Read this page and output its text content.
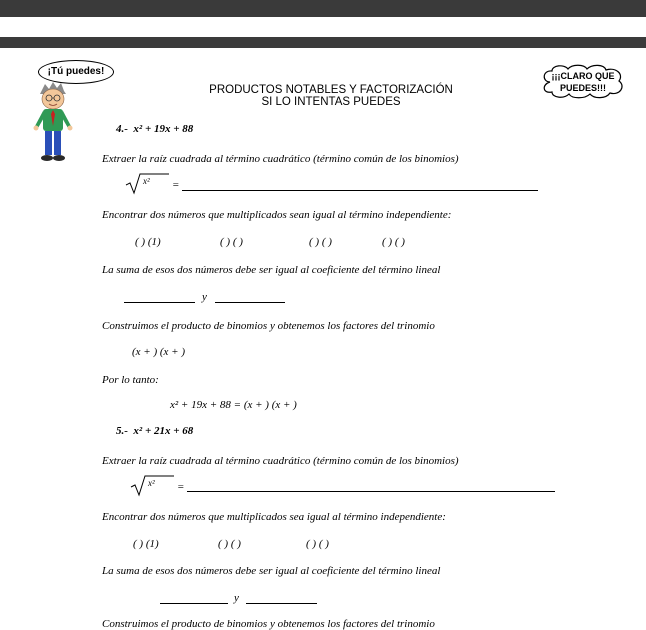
¡Tú puedes!	¡¡¡CLARO QUE
PUEDES!!!
PRODUCTOS NOTABLES Y FACTORIZACIÓN
SI LO INTENTAS PUEDES
4.- x² + 19x + 88
Extraer la raíz cuadrada al término cuadrático (término común de los binomios)
x² =
Encontrar dos números que multiplicados sean igual al término independiente:
( ) (1)	( ) ( )	( ) ( )	( ) ( )
La suma de esos dos números debe ser igual al coeficiente del término lineal
y
Construimos el producto de binomios y obtenemos los factores del trinomio
(x + ) (x + )
Por lo tanto:
x² + 19x + 88 = (x + ) (x + )
5.- x² + 21x + 68
Extraer la raíz cuadrada al término cuadrático (término común de los binomios)
x² =
Encontrar dos números que multiplicados sea igual al término independiente:
( ) (1)	( ) ( )	( ) ( )
La suma de esos dos números debe ser igual al coeficiente del término lineal
y
Construimos el producto de binomios y obtenemos los factores del trinomio
